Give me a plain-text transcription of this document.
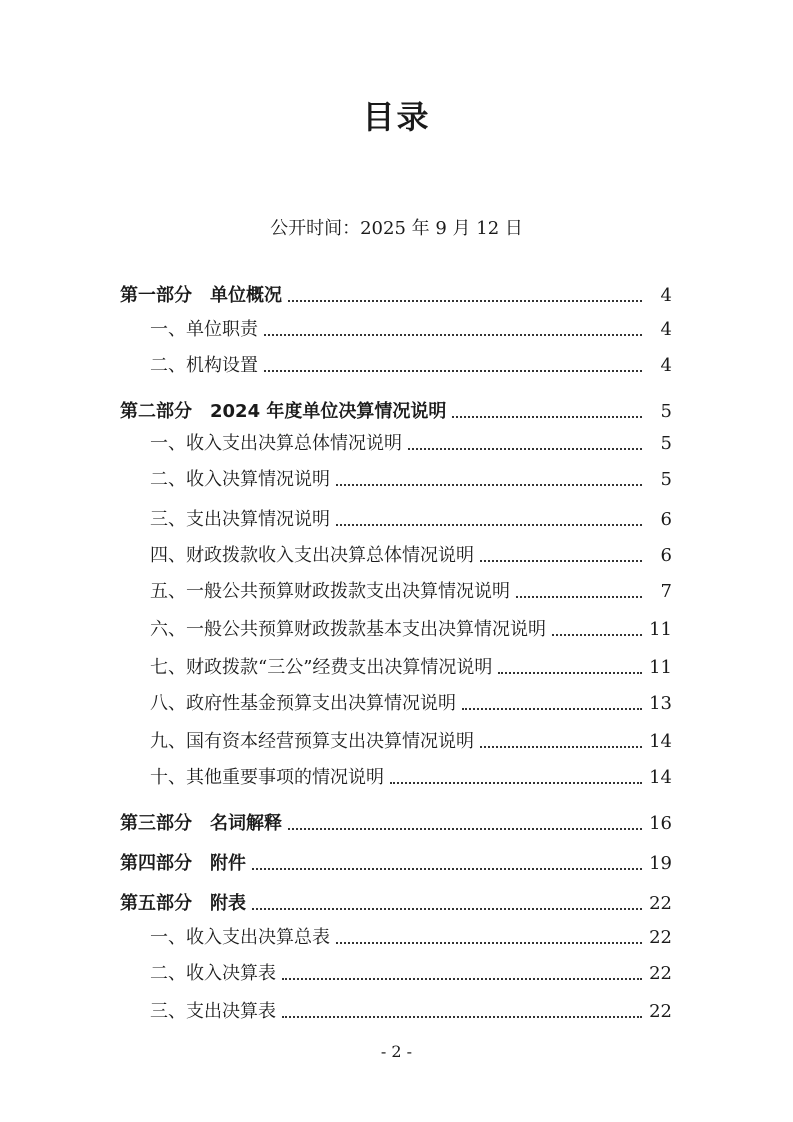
目录
公开时间：2025 年 9 月 12 日
第一部分　单位概况	4
一、单位职责	4
二、机构设置	4
第二部分　2024 年度单位决算情况说明	5
一、收入支出决算总体情况说明	5
二、收入决算情况说明	5
三、支出决算情况说明	6
四、财政拨款收入支出决算总体情况说明	6
五、一般公共预算财政拨款支出决算情况说明	7
六、一般公共预算财政拨款基本支出决算情况说明	11
七、财政拨款“三公”经费支出决算情况说明	11
八、政府性基金预算支出决算情况说明	13
九、国有资本经营预算支出决算情况说明	14
十、其他重要事项的情况说明	14
第三部分　名词解释	16
第四部分　附件	19
第五部分　附表	22
一、收入支出决算总表	22
二、收入决算表	22
三、支出决算表	22
- 2 -
